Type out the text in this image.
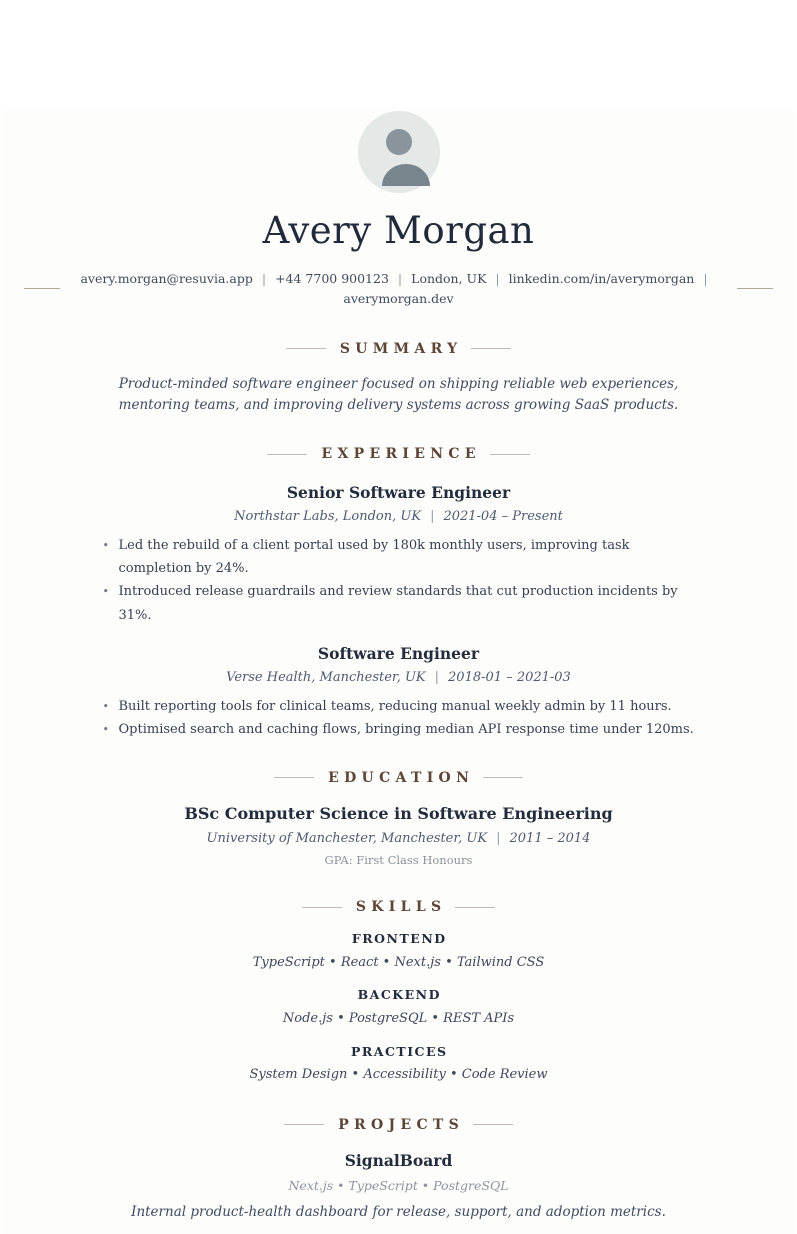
Avery Morgan
avery.morgan@resuvia.app | +44 7700 900123 | London, UK | linkedin.com/in/averymorgan |
averymorgan.dev
SUMMARY

Product-minded software engineer focused on shipping reliable web experiences, mentoring teams, and improving delivery systems across growing SaaS products.

EXPERIENCE
Senior Software Engineer

Northstar Labs, London, UK | 2021-04 – Present

• Led the rebuild of a client portal used by 180k monthly users, improving task completion by 24%.
• Introduced release guardrails and review standards that cut production incidents by 31%.
Software Engineer

Verse Health, Manchester, UK | 2018-01 – 2021-03

• Built reporting tools for clinical teams, reducing manual weekly admin by 11 hours.
• Optimised search and caching flows, bringing median API response time under 120ms.
EDUCATION
BSc Computer Science in Software Engineering

University of Manchester, Manchester, UK | 2011 – 2014

GPA: First Class Honours

SKILLS
FRONTEND

TypeScript • React • Next.js • Tailwind CSS

BACKEND

Node.js • PostgreSQL • REST APIs

PRACTICES

System Design • Accessibility • Code Review

PROJECTS
SignalBoard

Next.js • TypeScript • PostgreSQL

Internal product-health dashboard for release, support, and adoption metrics.
